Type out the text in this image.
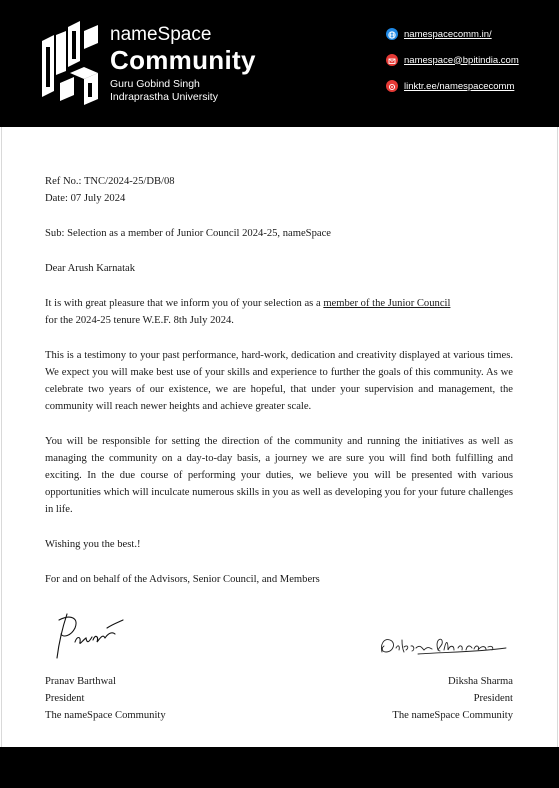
nameSpace
Community
Guru Gobind Singh
Indraprastha University
namespacecomm.in/
namespace@bpitindia.com
linktr.ee/namespacecomm
Ref No.: TNC/2024-25/DB/08
Date: 07 July 2024
Sub: Selection as a member of Junior Council 2024-25, nameSpace
Dear Arush Karnatak
It is with great pleasure that we inform you of your selection as a member of the Junior Council
for the 2024-25 tenure W.E.F. 8th July 2024.
This is a testimony to your past performance, hard-work, dedication and creativity displayed at various times. We expect you will make best use of your skills and experience to further the goals of this community. As we celebrate two years of our existence, we are hopeful, that under your supervision and management, the community will reach newer heights and achieve greater scale.
You will be responsible for setting the direction of the community and running the initiatives as well as managing the community on a day-to-day basis, a journey we are sure you will find both fulfilling and exciting. In the due course of performing your duties, we believe you will be presented with various opportunities which will inculcate numerous skills in you as well as developing you for your future challenges in life.
Wishing you the best.!
For and on behalf of the Advisors, Senior Council, and Members
Pranav Barthwal
President
The nameSpace Community
Diksha Sharma
President
The nameSpace Community
